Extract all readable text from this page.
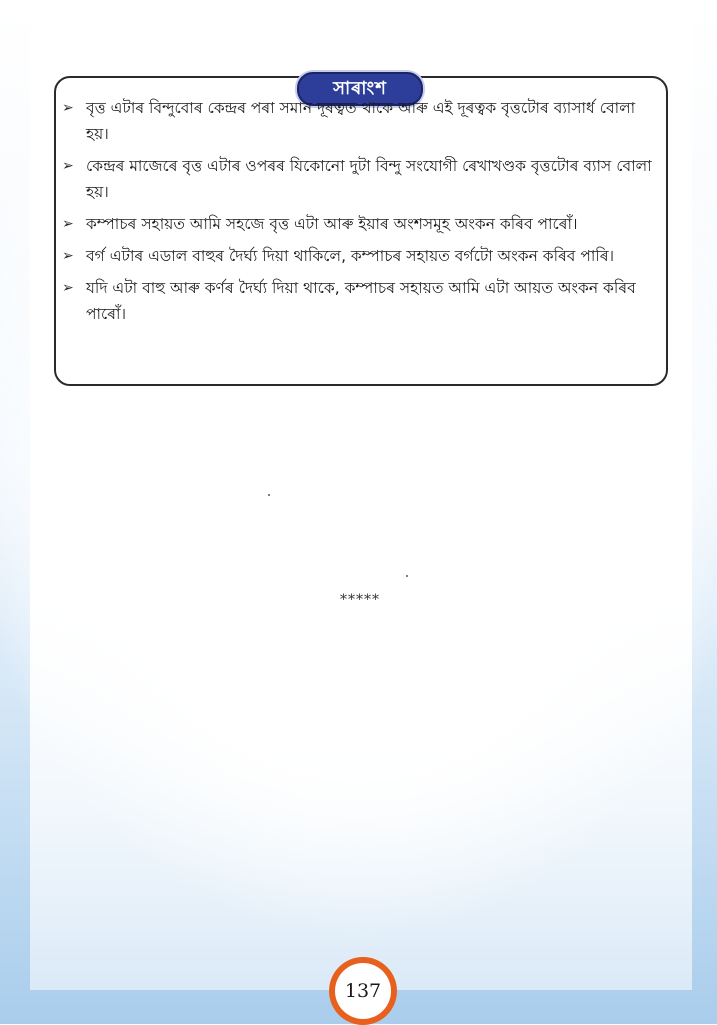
সাৰাংশ
➢ বৃত্ত এটাৰ বিন্দুবোৰ কেন্দ্ৰৰ পৰা সমান দূৰত্বত থাকে আৰু এই দূৰত্বক বৃত্তটোৰ ব্যাসাৰ্ধ বোলা হয়।
➢ কেন্দ্ৰৰ মাজেৰে বৃত্ত এটাৰ ওপৰৰ যিকোনো দুটা বিন্দু সংযোগী ৰেখাখণ্ডক বৃত্তটোৰ ব্যাস বোলা হয়।
➢ কম্পাচৰ সহায়ত আমি সহজে বৃত্ত এটা আৰু ইয়াৰ অংশসমূহ অংকন কৰিব পাৰোঁ।
➢ বৰ্গ এটাৰ এডাল বাহুৰ দৈৰ্ঘ্য দিয়া থাকিলে, কম্পাচৰ সহায়ত বৰ্গটো অংকন কৰিব পাৰি।
➢ যদি এটা বাহু আৰু কৰ্ণৰ দৈৰ্ঘ্য দিয়া থাকে, কম্পাচৰ সহায়ত আমি এটা আয়ত অংকন কৰিব পাৰোঁ।
*****
137
